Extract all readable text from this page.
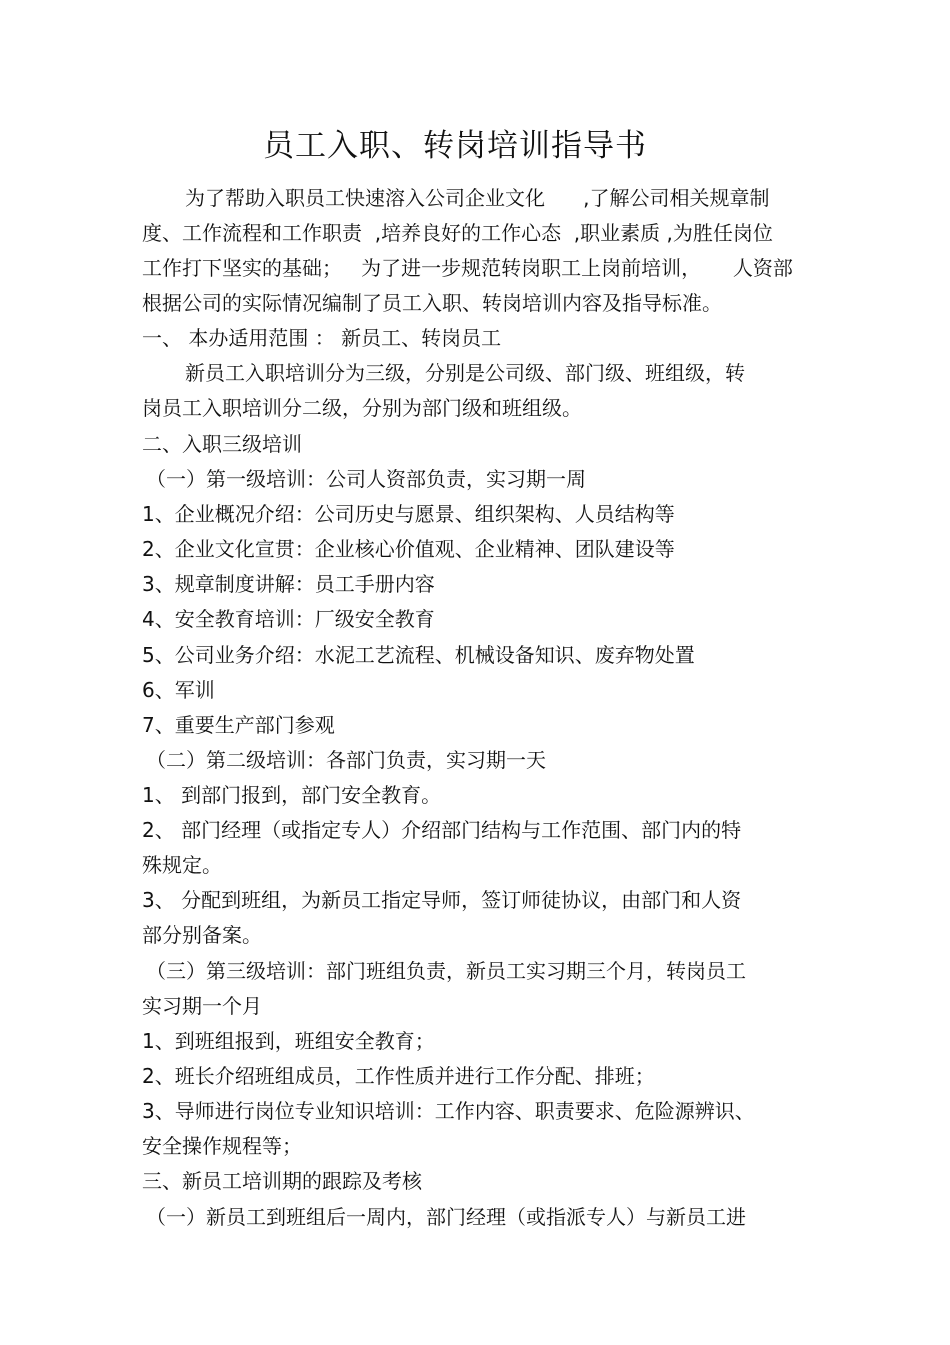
员工入职、转岗培训指导书

为了帮助入职员工快速溶入公司企业文化      ,了解公司相关规章制

度、工作流程和工作职责  ,培养良好的工作心态  ,职业素质 ,为胜任岗位

工作打下坚实的基础；   为了进一步规范转岗职工上岗前培训，     人资部

根据公司的实际情况编制了员工入职、转岗培训内容及指导标准。

一、 本办适用范围 ： 新员工、转岗员工

新员工入职培训分为三级，分别是公司级、部门级、班组级，转

岗员工入职培训分二级，分别为部门级和班组级。

二、入职三级培训

（一）第一级培训：公司人资部负责，实习期一周

1、企业概况介绍：公司历史与愿景、组织架构、人员结构等

2、企业文化宣贯：企业核心价值观、企业精神、团队建设等

3、规章制度讲解：员工手册内容

4、安全教育培训：厂级安全教育

5、公司业务介绍：水泥工艺流程、机械设备知识、废弃物处置

6、军训

7、重要生产部门参观

（二）第二级培训：各部门负责，实习期一天

1、 到部门报到，部门安全教育。

2、 部门经理（或指定专人）介绍部门结构与工作范围、部门内的特

殊规定。

3、 分配到班组，为新员工指定导师，签订师徒协议，由部门和人资

部分别备案。

（三）第三级培训：部门班组负责，新员工实习期三个月，转岗员工

实习期一个月

1、到班组报到，班组安全教育；

2、班长介绍班组成员，工作性质并进行工作分配、排班；

3、导师进行岗位专业知识培训：工作内容、职责要求、危险源辨识、

安全操作规程等；

三、新员工培训期的跟踪及考核

（一）新员工到班组后一周内，部门经理（或指派专人）与新员工进
